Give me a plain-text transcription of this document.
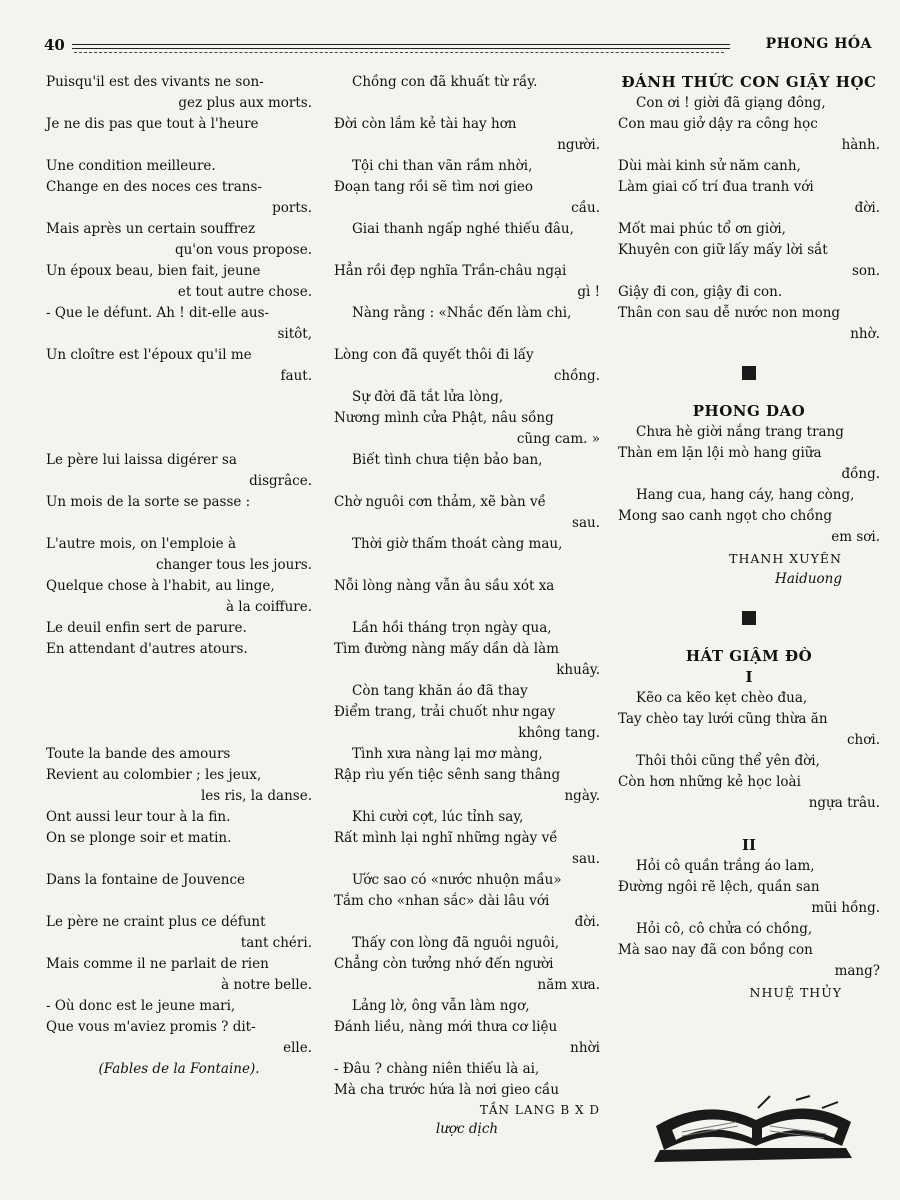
40	PHONG HÓA
Puisqu'il est des vivants ne son-
gez plus aux morts.
Je ne dis pas que tout à l'heure
Une condition meilleure.
Change en des noces ces trans-
ports.
Mais après un certain souffrez
qu'on vous propose.
Un époux beau, bien fait, jeune
et tout autre chose.
- Que le défunt. Ah ! dit-elle aus-
sitôt,
Un cloître est l'époux qu'il me
faut.
Le père lui laissa digérer sa
disgrâce.
Un mois de la sorte se passe :
L'autre mois, on l'emploie à
changer tous les jours.
Quelque chose à l'habit, au linge,
à la coiffure.
Le deuil enfin sert de parure.
En attendant d'autres atours.
Toute la bande des amours
Revient au colombier ; les jeux,
les ris, la danse.
Ont aussi leur tour à la fin.
On se plonge soir et matin.
Dans la fontaine de Jouvence
Le père ne craint plus ce défunt
tant chéri.
Mais comme il ne parlait de rien
à notre belle.
- Où donc est le jeune mari,
Que vous m'aviez promis ? dit-
elle.
(Fables de la Fontaine).
Chồng con đã khuất từ rầy.
Đời còn lắm kẻ tài hay hơn
người.
Tội chi than vãn rầm nhời,
Đoạn tang rồi sẽ tìm nơi gieo
cầu.
Giai thanh ngấp nghé thiếu đâu,
Hẳn rồi đẹp nghĩa Trần-châu ngại
gì !
Nàng rằng : «Nhắc đến làm chi,
Lòng con đã quyết thôi đi lấy
chồng.
Sự đời đã tắt lửa lòng,
Nương mình cửa Phật, nâu sồng
cũng cam. »
Biết tình chưa tiện bảo ban,
Chờ nguôi cơn thảm, xẽ bàn về
sau.
Thời giờ thấm thoát càng mau,
Nỗi lòng nàng vẫn âu sầu xót xa
Lần hồi tháng trọn ngày qua,
Tìm đường nàng mấy dần dà làm
khuây.
Còn tang khăn áo đã thay
Điểm trang, trải chuốt như ngay
không tang.
Tình xưa nàng lại mơ màng,
Rập rìu yến tiệc sênh sang thâng
ngày.
Khi cười cợt, lúc tỉnh say,
Rất mình lại nghĩ những ngày về
sau.
Ước sao có «nước nhuộn mầu»
Tắm cho «nhan sắc» dài lâu với
đời.
Thấy con lòng đã nguôi nguôi,
Chẳng còn tưởng nhớ đến người
năm xưa.
Lảng lờ, ông vẫn làm ngơ,
Đánh liều, nàng mới thưa cơ liệu
nhời
- Đâu ? chàng niên thiếu là ai,
Mà cha trước hứa là nơi gieo cầu
TẦN LANG B X D
lược dịch
ĐÁNH THỨC CON GIẬY HỌC
Con ơi ! giời đã giạng đông,
Con mau giở dậy ra công học
hành.
Dùi mài kinh sử năm canh,
Làm giai cố trí đua tranh với
đời.
Mốt mai phúc tổ ơn giời,
Khuyên con giữ lấy mấy lời sắt
son.
Giậy đi con, giậy đi con.
Thân con sau dễ nước non mong
nhờ.
PHONG DAO
Chưa hè giời nắng trang trang
Thàn em lặn lội mò hang giữa
đồng.
Hang cua, hang cáy, hang còng,
Mong sao canh ngọt cho chồng
em sơi.
THANH XUYÊN
Haiduong
HÁT GIẬM ĐÒ
I
Kẽo ca kẽo kẹt chèo đua,
Tay chèo tay lưới cũng thừa ăn
chơi.
Thôi thôi cũng thể yên đời,
Còn hơn những kẻ học loài
ngựa trâu.
II
Hỏi cô quần trắng áo lam,
Đường ngôi rẽ lệch, quần san
mũi hồng.
Hỏi cô, cô chửa có chồng,
Mà sao nay đã con bồng con
mang?
NHUỆ THỦY
